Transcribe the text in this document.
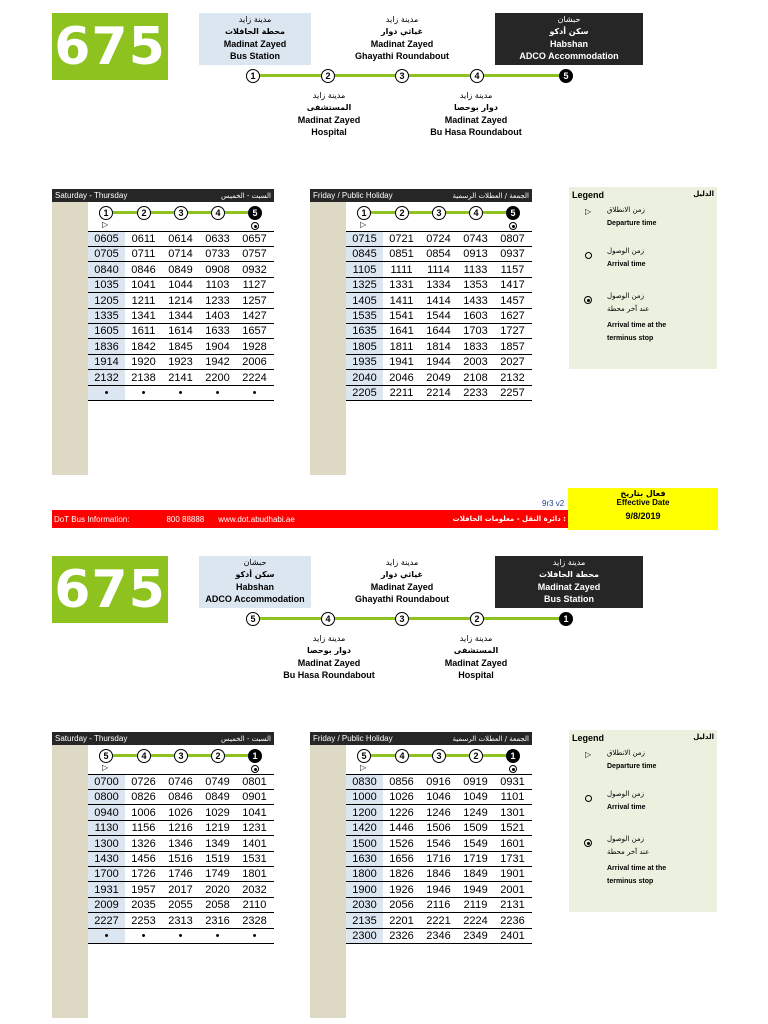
675	مدينة زايد
محطة الحافلات
Madinat Zayed
Bus Station
مدينة زايد
غياثي دوار
Madinat Zayed
Ghayathi Roundabout
حبشان
سكن أدكو
Habshan
ADCO Accommodation
1	2	3	4	5
مدينة زايد
المستشفى
Madinat Zayed
Hospital
مدينة زايد
دوار بوحصا
Madinat Zayed
Bu Hasa Roundabout
Saturday - Thursday	السبت - الخميس
1	2	3	4	5
▷
0605	0611	0614	0633	0657
0705	0711	0714	0733	0757
0840	0846	0849	0908	0932
1035	1041	1044	1103	1127
1205	1211	1214	1233	1257
1335	1341	1344	1403	1427
1605	1611	1614	1633	1657
1836	1842	1845	1904	1928
1914	1920	1923	1942	2006
2132	2138	2141	2200	2224
•	•	•	•	•
Friday / Public Holiday	الجمعة / العطلات الرسمية
1	2	3	4	5
▷
0715	0721	0724	0743	0807
0845	0851	0854	0913	0937
1105	1111	1114	1133	1157
1325	1331	1334	1353	1417
1405	1411	1414	1433	1457
1535	1541	1544	1603	1627
1635	1641	1644	1703	1727
1805	1811	1814	1833	1857
1935	1941	1944	2003	2027
2040	2046	2049	2108	2132
2205	2211	2214	2233	2257
Legend	الدليل
▷ زمن الانطلاق
Departure time
زمن الوصول
Arrival time
زمن الوصول
عند آخر محطة
Arrival time at the
terminus stop
9r3 v2
فعال بتاريخ
Effective Date
9/8/2019
DoT Bus Information:	800 88888 www.dot.abudhabi.ae	دائرة النقل - معلومات الحافلات :
675	حبشان
سكن أدكو
Habshan
ADCO Accommodation
مدينة زايد
غياثي دوار
Madinat Zayed
Ghayathi Roundabout
مدينة زايد
محطة الحافلات
Madinat Zayed
Bus Station
5	4	3	2	1
مدينة زايد
دوار بوحصا
Madinat Zayed
Bu Hasa Roundabout
مدينة زايد
المستشفى
Madinat Zayed
Hospital
Saturday - Thursday	السبت - الخميس
5	4	3	2	1
▷
0700	0726	0746	0749	0801
0800	0826	0846	0849	0901
0940	1006	1026	1029	1041
1130	1156	1216	1219	1231
1300	1326	1346	1349	1401
1430	1456	1516	1519	1531
1700	1726	1746	1749	1801
1931	1957	2017	2020	2032
2009	2035	2055	2058	2110
2227	2253	2313	2316	2328
•	•	•	•	•
Friday / Public Holiday	الجمعة / العطلات الرسمية
5	4	3	2	1
▷
0830	0856	0916	0919	0931
1000	1026	1046	1049	1101
1200	1226	1246	1249	1301
1420	1446	1506	1509	1521
1500	1526	1546	1549	1601
1630	1656	1716	1719	1731
1800	1826	1846	1849	1901
1900	1926	1946	1949	2001
2030	2056	2116	2119	2131
2135	2201	2221	2224	2236
2300	2326	2346	2349	2401
Legend	الدليل
▷ زمن الانطلاق
Departure time
زمن الوصول
Arrival time
زمن الوصول
عند آخر محطة
Arrival time at the
terminus stop
